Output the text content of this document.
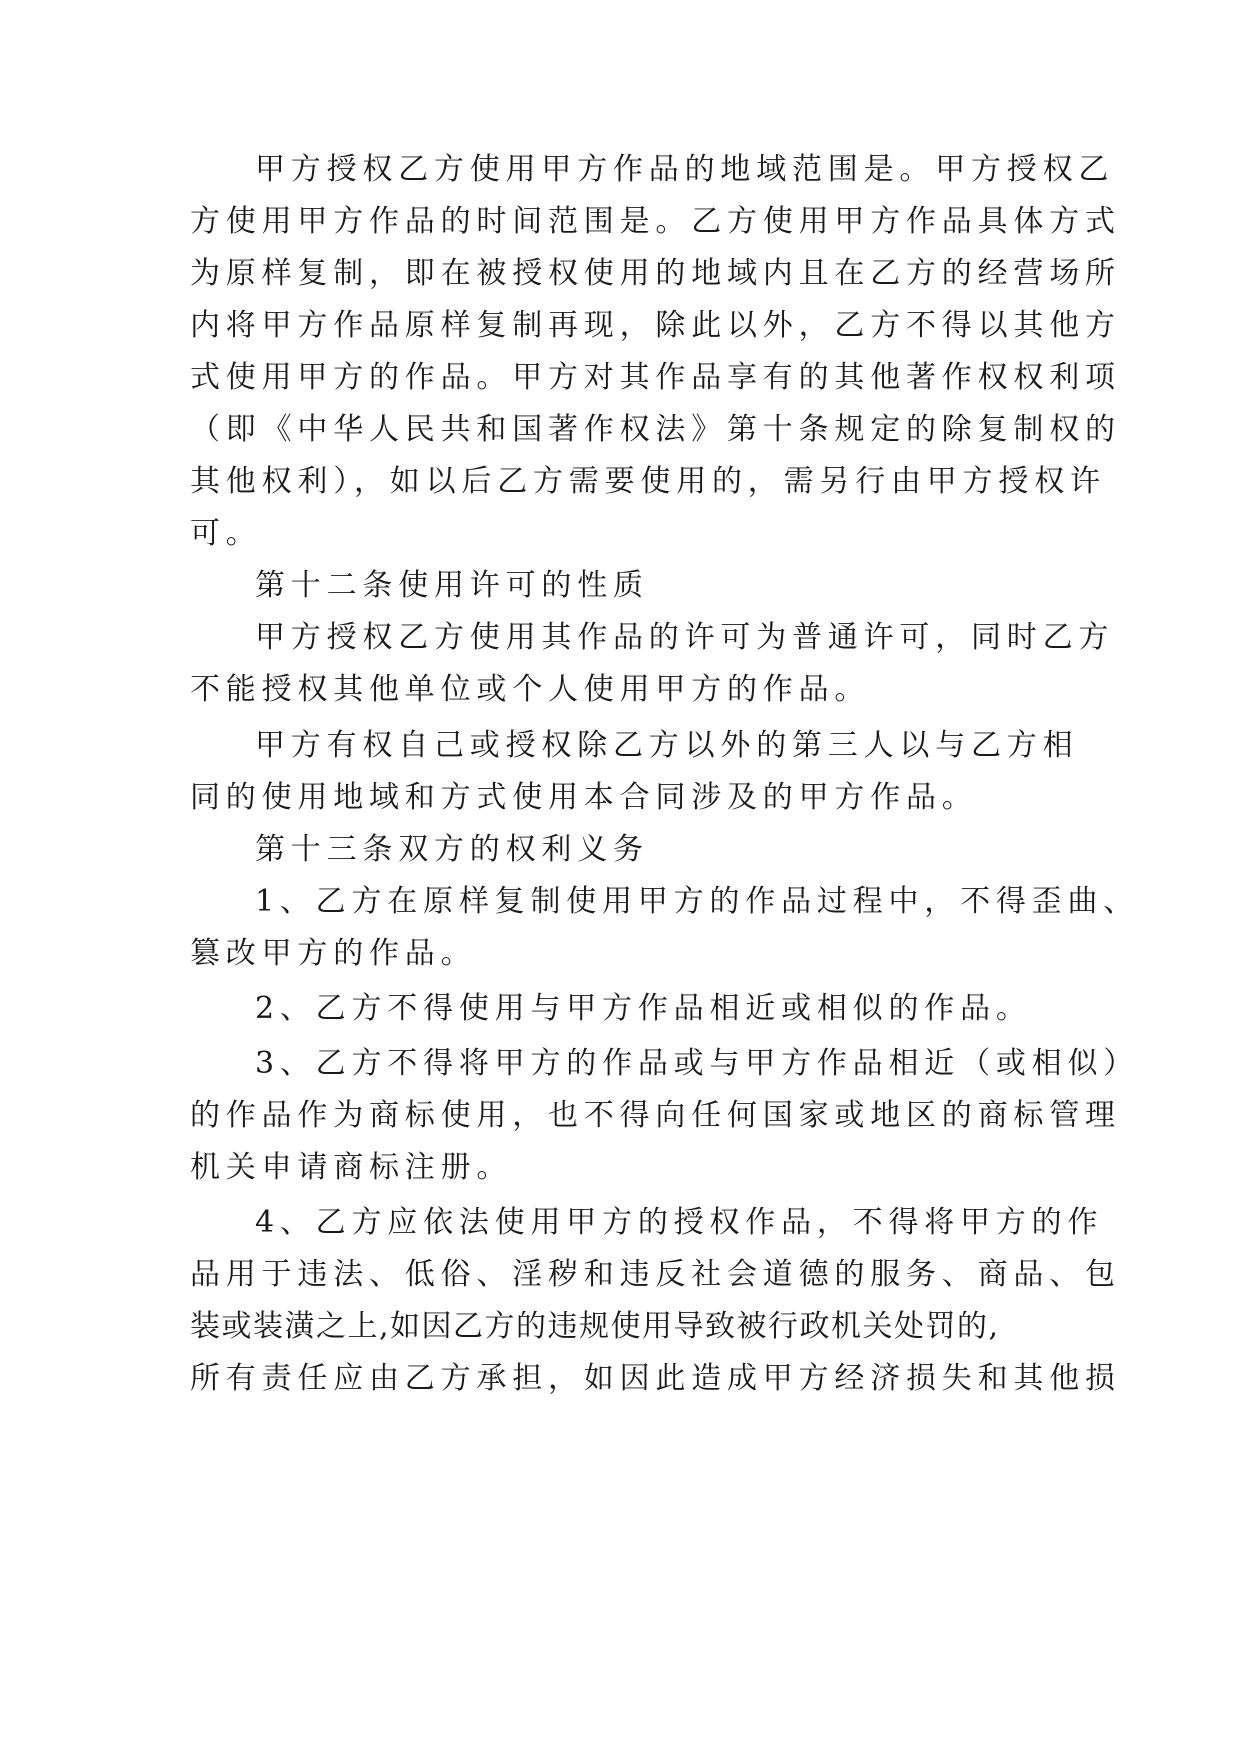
甲方授权乙方使用甲方作品的地域范围是。甲方授权乙
方使用甲方作品的时间范围是。乙方使用甲方作品具体方式
为原样复制，即在被授权使用的地域内且在乙方的经营场所
内将甲方作品原样复制再现，除此以外，乙方不得以其他方
式使用甲方的作品。甲方对其作品享有的其他著作权权利项
（即《中华人民共和国著作权法》第十条规定的除复制权的
其他权利），如以后乙方需要使用的，需另行由甲方授权许
可。
第十二条使用许可的性质
甲方授权乙方使用其作品的许可为普通许可，同时乙方
不能授权其他单位或个人使用甲方的作品。
甲方有权自己或授权除乙方以外的第三人以与乙方相
同的使用地域和方式使用本合同涉及的甲方作品。
第十三条双方的权利义务
1、乙方在原样复制使用甲方的作品过程中，不得歪曲、
篡改甲方的作品。
2、乙方不得使用与甲方作品相近或相似的作品。
3、乙方不得将甲方的作品或与甲方作品相近（或相似）
的作品作为商标使用，也不得向任何国家或地区的商标管理
机关申请商标注册。
4、乙方应依法使用甲方的授权作品，不得将甲方的作
品用于违法、低俗、淫秽和违反社会道德的服务、商品、包
装或装潢之上,如因乙方的违规使用导致被行政机关处罚的,
所有责任应由乙方承担，如因此造成甲方经济损失和其他损
